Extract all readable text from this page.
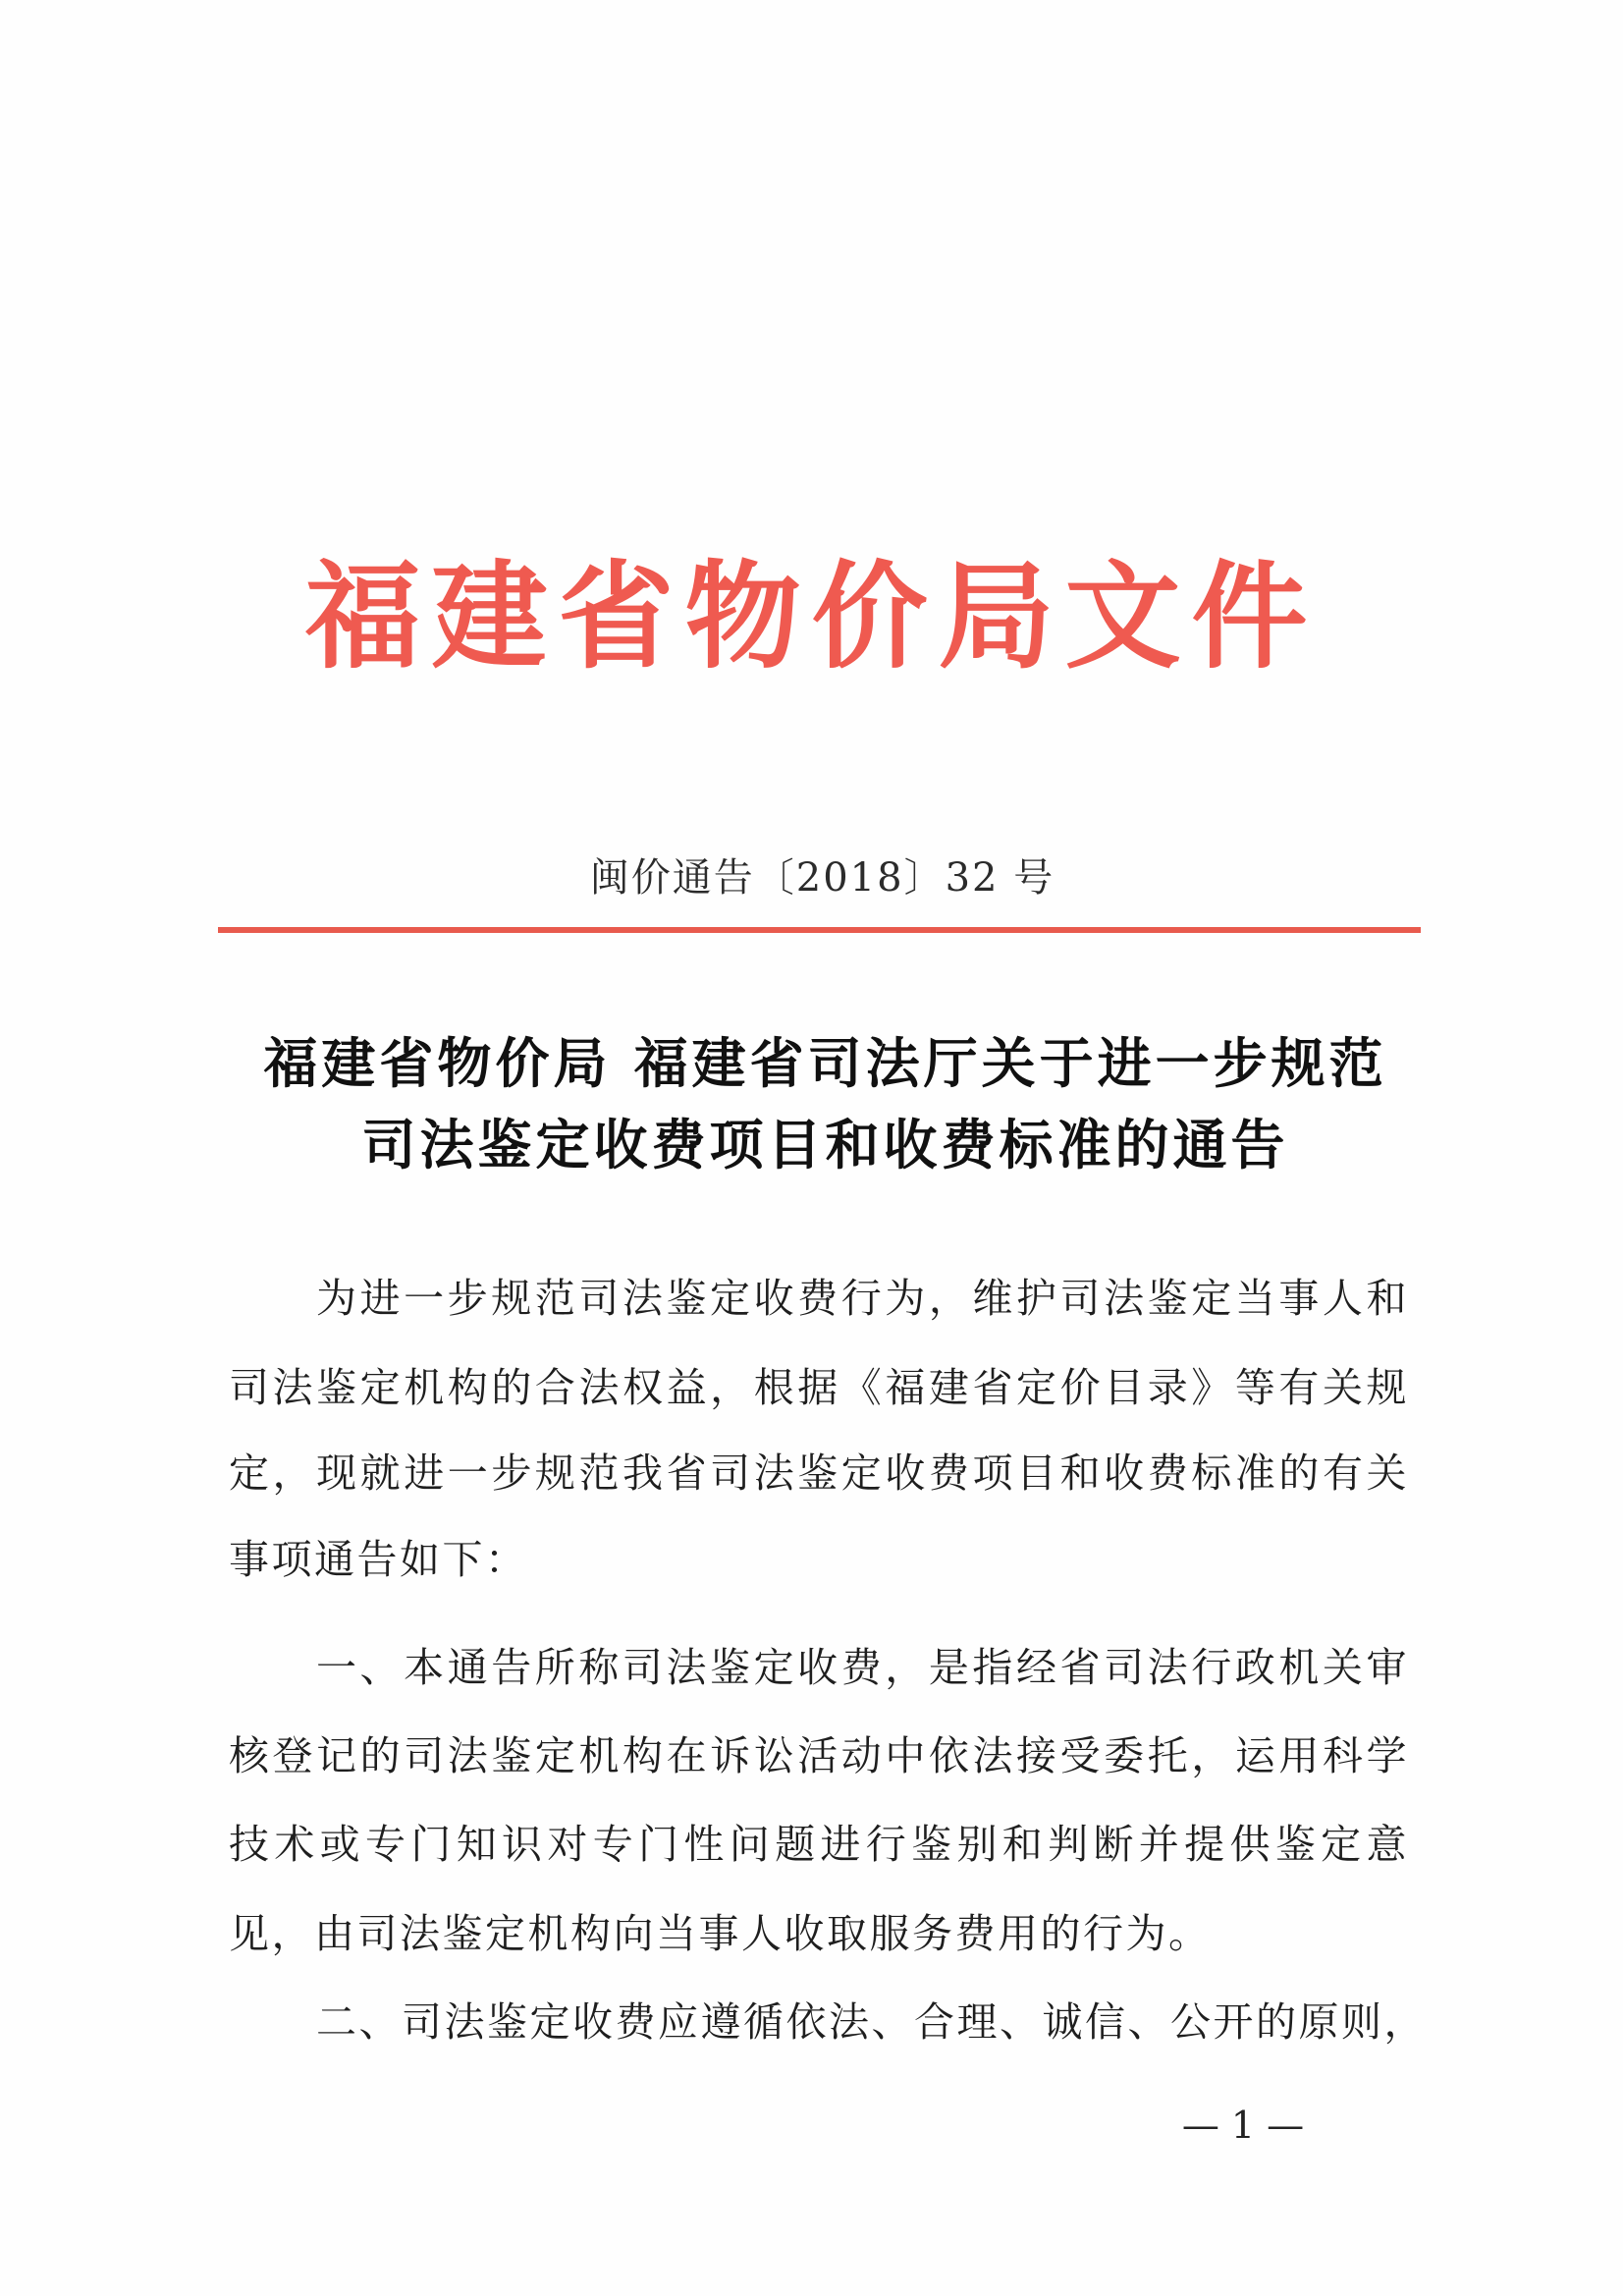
福建省物价局文件
闽价通告〔2018〕32 号
福建省物价局 福建省司法厅关于进一步规范
司法鉴定收费项目和收费标准的通告
为进一步规范司法鉴定收费行为，维护司法鉴定当事人和
司法鉴定机构的合法权益，根据《福建省定价目录》等有关规
定，现就进一步规范我省司法鉴定收费项目和收费标准的有关
事项通告如下：
一、本通告所称司法鉴定收费，是指经省司法行政机关审
核登记的司法鉴定机构在诉讼活动中依法接受委托，运用科学
技术或专门知识对专门性问题进行鉴别和判断并提供鉴定意
见，由司法鉴定机构向当事人收取服务费用的行为。
二、司法鉴定收费应遵循依法、合理、诚信、公开的原则，
— 1 —
